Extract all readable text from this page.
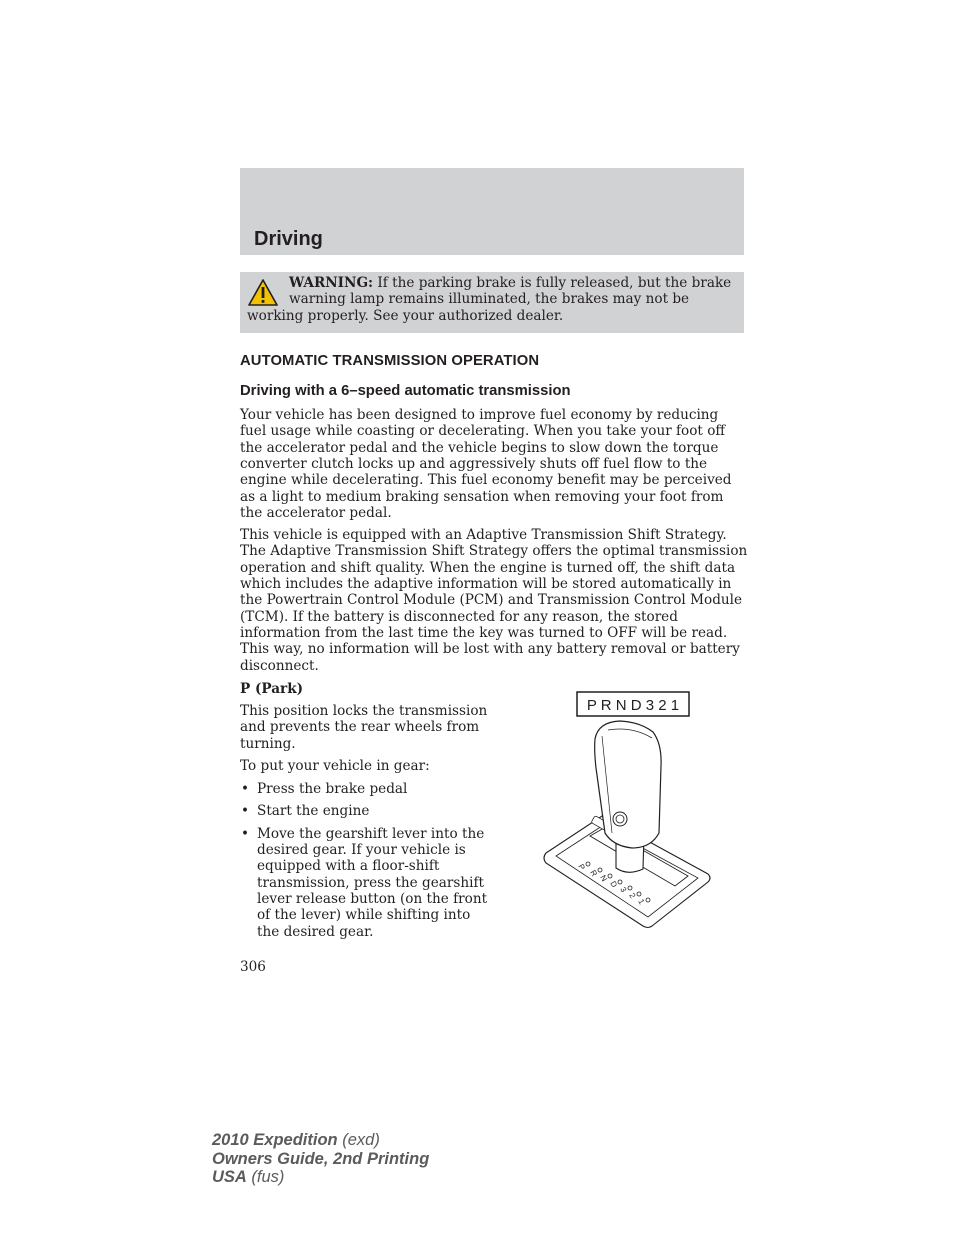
Driving
WARNING: If the parking brake is fully released, but the brake
warning lamp remains illuminated, the brakes may not be
working properly. See your authorized dealer.
AUTOMATIC TRANSMISSION OPERATION
Driving with a 6–speed automatic transmission

Your vehicle has been designed to improve fuel economy by reducing
fuel usage while coasting or decelerating. When you take your foot off
the accelerator pedal and the vehicle begins to slow down the torque
converter clutch locks up and aggressively shuts off fuel flow to the
engine while decelerating. This fuel economy benefit may be perceived
as a light to medium braking sensation when removing your foot from
the accelerator pedal.

This vehicle is equipped with an Adaptive Transmission Shift Strategy.
The Adaptive Transmission Shift Strategy offers the optimal transmission
operation and shift quality. When the engine is turned off, the shift data
which includes the adaptive information will be stored automatically in
the Powertrain Control Module (PCM) and Transmission Control Module
(TCM). If the battery is disconnected for any reason, the stored
information from the last time the key was turned to OFF will be read.
This way, no information will be lost with any battery removal or battery
disconnect.

P (Park)

This position locks the transmission
and prevents the rear wheels from
turning.
To put your vehicle in gear:
• Press the brake pedal
• Start the engine
• Move the gearshift lever into the
desired gear. If your vehicle is
equipped with a floor-shift
transmission, press the gearshift
lever release button (on the front
of the lever) while shifting into
the desired gear.
P R N D 3 2 1
P
R
N
D
3
2
1
306
2010 Expedition (exd)
Owners Guide, 2nd Printing
USA (fus)
